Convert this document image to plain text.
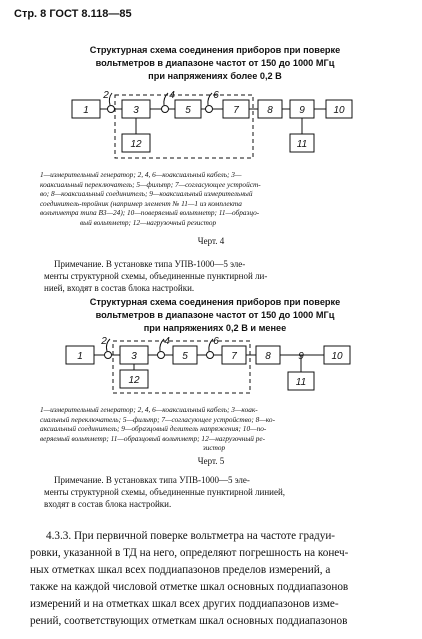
Стр. 8 ГОСТ 8.118—85
Структурная схема соединения приборов при поверке
вольтметров в диапазоне частот от 150 до 1000 МГц
при напряжениях более 0,2 В
1	3	5	7	8	9	10
12	11
2	4	6
1—измерительный генератор; 2, 4, 6—коаксиальный кабель; 3—
коаксиальный переключатель; 5—фильтр; 7—согласующее устройст-
во; 8—коаксиальный соединитель; 9—коаксиальный измерительный
соединитель-тройник (например элемент № 11—1 из комплекта
вольтметра типа В3—24); 10—поверяемый вольтметр; 11—образцо-
вый вольтметр; 12—нагрузочный резистор
Черт. 4
Примечание. В установке типа УПВ-1000—5 эле-
менты структурной схемы, объединенные пунктирной ли-
нией, входят в состав блока настройки.
Структурная схема соединения приборов при поверке
вольтметров в диапазоне частот от 150 до 1000 МГц
при напряжениях 0,2 В и менее
1	3	5	7	8	9	10
12
2	4	6
11
1—измерительный генератор; 2, 4, 6—коаксиальный кабель; 3—коак-
сиальный переключатель; 5—фильтр; 7—согласующее устройство; 8—ко-
аксиальный соединитель; 9—образцовый делитель напряжения; 10—по-
веряемый вольтметр; 11—образцовый вольтметр; 12—нагрузочный ре-
зистор
Черт. 5
Примечание. В установках типа УПВ-1000—5 эле-
менты структурной схемы, объединенные пунктирной линией,
входят в состав блока настройки.
4.3.3. При первичной поверке вольтметра на частоте градуи-
ровки, указанной в ТД на него, определяют погрешность на конеч-
ных отметках шкал всех поддиапазонов пределов измерений, а
также на каждой числовой отметке шкал основных поддиапазонов
измерений и на отметках шкал всех других поддиапазонов изме-
рений, соответствующих отметкам шкал основных поддиапазонов
